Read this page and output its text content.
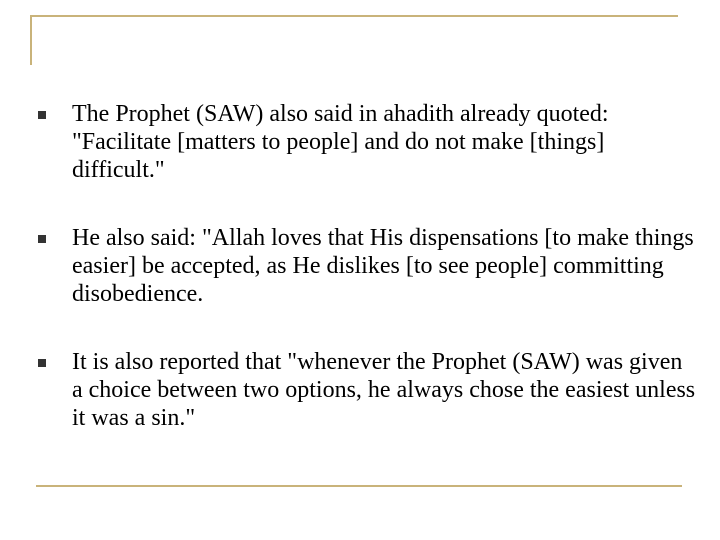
The Prophet (SAW) also said in ahadith already quoted: "Facilitate [matters to people] and do not make [things] difficult."
He also said: "Allah loves that His dispensations [to make things easier] be accepted, as He dislikes [to see people] committing disobedience.
It is also reported that "whenever the Prophet (SAW) was given a choice between two options, he always chose the easiest unless it was a sin."
